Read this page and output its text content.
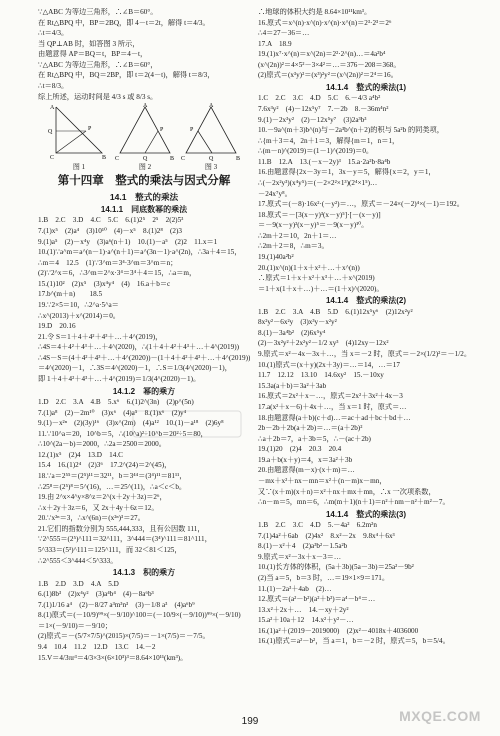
∵△ABC 为等边三角形，∴∠B＝60°。
在 Rt△BPQ 中，BP＝2BQ，即 4－t＝2t，解得 t＝4/3。
∴t＝4/3。
当 QP⊥AB 时，如答图 3 所示，
由题意得 AP＝BQ＝t，BP＝4－t，
∵△ABC 为等边三角形，∴∠B＝60°，
在 Rt△BPQ 中，BQ＝2BP，即 t＝2(4－t)，解得 t＝8/3，
∴t＝8/3。
综上所述，运动时间是 4/3 s 或 8/3 s。
A
P
B
C
Q
图 1
A
P
B
C	Q
图 2
A
P
B
C	Q
图 3
第十四章　整式的乘法与因式分解
14.1　整式的乘法
14.1.1　同底数幂的乘法
1.B　2.C　3.D　4.C　5.C　6.(1)2⁵　2⁵　2(2)5³
7.(1)x⁵　(2)a⁴　(3)10¹⁰　(4)－x⁵　8.(1)2⁸　(2)3
9.(1)a⁵　(2)－x⁴y　(3)a⁶(n＋1)　10.(1)－a⁵　(2)2　11.x＝1
10.(1)∵a^m＝a^(n－1)·a^(n＋1)＝a^(3n－1)·a^(2n)，∴3a＋4＝15，
∴m＝4　12.5　(1)∵3^m＝3⁴·3^m＝3^m＝n；
(2)∵2^x＝6，∴3^m＝2^x·3⁴＝3⁴＋4＝15，∴a＝m，
15.(1)10²　(2)x⁵　(3)x⁴y⁴　(4)　16.a＋b＝c
17.b^(m＋n)　　18.5
19.∵2×5＝10，∴2^a·5^a＝
∴x^(2013)＋x^(2014)＝0。
19.D　20.16
21.令 S＝1＋4＋4²＋4³＋…＋4^(2019)，
∴4S＝4＋4²＋4³＋…＋4^(2020)，∴(1＋4＋4²＋4³＋…＋4^(2019))
∴4S－S＝(4＋4²＋4³＋…＋4^(2020))－(1＋4＋4²＋4³＋…＋4^(2019))
＝4^(2020)－1，∴3S＝4^(2020)－1，∴S＝1/3(4^(2020)－1)，
即 1＋4＋4²＋4³＋…＋4^(2019)＝1/3(4^(2020)－1)。
14.1.2　幂的乘方
1.D　2.C　3.A　4.B　5.x⁶　6.(1)2^(3n)　(2)p^(5n)
7.(1)a⁸　(2)－2m¹⁰　(3)x⁶　(4)a⁵　8.(1)x⁶　(2)y⁴
9.(1)－x²ⁿ　(2)(3y)¹⁶　(3)x^(2m)　(4)a¹²　10.(1)－a¹⁸　(2)6y⁸
11.∵10^a＝20，10^b＝5，∴(10^a)²÷10^b＝20²÷5＝80，
∴10^(2a－b)＝2000，∴2a＝2500＝2000。
12.(1)x⁵　(2)4　13.D　14.C
15.4　16.(1)2⁴　(2)3⁶　17.2^(24)＝2^(45)，
18.∵a＝2⁵⁵＝(2⁵)¹¹＝32¹¹，b＝3⁴⁴＝(3⁴)¹¹＝81¹¹，
∴25⁸＝(2⁵)⁸＝5^(16)，…＝25^(11)，∴a＜c＜b。
19.由 2^x×4^y×8^z＝2^(x＋2y＋3z)＝2⁶，
∴x＋2y＋3z＝6，又 2x＋4y＋6z＝12。
20.∵x²ⁿ＝3，∴x^(6n)＝(x²ⁿ)³＝27。
21.它们的指数分别为 555,444,333，且有公因数 111，
∵2^555＝(2⁵)^111＝32^111，3^444＝(3⁴)^111＝81^111，
5^333＝(5³)^111＝125^111，而 32＜81＜125，
∴2^555＜3^444＜5^333。
14.1.3　积的乘方
1.B　2.D　3.D　4.A　5.D
6.(1)8b³　(2)x⁴y²　(3)a⁴b⁴　(4)－8a⁶b³
7.(1)1/16 a⁴　(2)－8/27 a³m³n³　(3)－1/8 a³　(4)a⁶b⁹
8.(1)原式＝(－10/9)⁹⁹×(－9/10)^100＝(－10/9×(－9/10))⁹⁹×(－9/10)
＝1×(－9/10)＝－9/10；
(2)原式＝－(5/7×7/5)^(2015)×(7/5)＝－1×(7/5)＝－7/5。
9.4　10.4　11.2　12.D　13.C　14.－2
15.V＝4/3πr³＝4/3×3×(6×10³)³＝8.64×10¹¹(km³)。
∴地球的体积大约是 8.64×10¹¹km³。
16.原式＝x^(n)·x^(n)·x^(n)·x^(n)＝2³·2³＝2⁶
∴4＝27－36＝…
17.A　18.9
19.(1)x⁷·x^(n)＝x^(2n)＝2²·2^(n)…＝4a²b⁴
(x^(2n))²＝4×5²－3×4²＝…＝376－208＝368。
(2)原式＝(x³y)²＝(x³)²y²＝(x^(2n))²＝2⁴＝16。
14.1.4　整式的乘法(1)
1.C　2.C　3.C　4.D　5.C　6.－4/3 a⁴b²
7.6x³y²　(4)－12x⁵y⁷　7.－2b　8.－36m⁴n²
9.(1)－2x³y²　(2)－12x⁵y⁷　(3)2a³b³
10.－9a^(m＋3)b^(n)与－2a³b^(n＋2)的积与 5a²b 的同类项，
∴{m＋3＝4，2n＋1＝3，解得{m＝1，n＝1，
∴(m－n)^(2019)＝(1－1)^(2019)＝0。
11.B　12.A　13.(－x－2y)³　15.a·2a²b·8a⁴b
16.由题意得{2x－3y＝1，3x－y＝5，解得{x＝2，y＝1，
∴(－2x²y³)(x⁴y⁵)＝(－2×2²×1³)(2⁴×1⁵)…
－24x⁷y⁸。
17.原式＝(－8)·16x²·(－y²)＝…，原式＝－24×(－2)⁴×(－1)＝192。
18.原式＝－[3(x－y)³(x－y)⁵]·[－(x－y)]
＝－9(x－y)²(x－y)⁵＝－9(x－y)¹⁰。
∴2m＋2＝10，2n＋1＝…
∴2m＋2＝8，∴m＝3。
19.(1)40a²b²
20.(1)x^(n)(1＋x＋x²＋…＋x^(n))
∴原式＝1＋x＋x²＋x³＋…＋x^(2019)
＝1＋x(1＋x＋…)＋…＝(1＋x)^(2020)。
14.1.4　整式的乘法(2)
1.B　2.C　3.A　4.B　5.D　6.(1)12x⁵y⁶　(2)12x²y²
8x²y²－6x²y　(3)x³y－x²y²
8.(1)－3a⁴b²　(2)6x⁵y⁴
(2)－3x²y²＋2x²y²－1/2 xy³　(4)12xy－12x²
9.原式＝x²－4x－3x＋…，当 x＝－2 时，原式＝－2×(1/2)²＝－1/2。
10.(1)原式＝(x＋y)(2x＋3y)＝…＝14，…＝17
11.7　12.12　13.10　14.6xy²　15.－10xy
15.3a(a＋b)＝3a²＋3ab
16.原式＝2x²＋x－…，原式＝2x²＋3x²＋4x－3
17.a(x²＋x－6)＋4x＋…，当 x＝1 时，原式＝…
18.由题意得(a＋b)(c＋d)…＝ac＋ad＋bc＋bd＋…
2b－2b＋2b(a＋2b)＝…＝(a＋2b)²
∴a＋2b＝7，a＋3b＝5，∴－(ac＋2b)
19.(1)20　(2)4　20.3　20.4
19.a＋b(x＋y)＝4，x＝3a²＋3b
20.由题意得(m－x)·(x＋m)＝…
－mx＋x²＋nx－mn＝x²＋(n－m)x－mn，
又∵(x＋m)(x＋n)＝x²＋nx＋mx＋mn，∴x 一次项系数，
∴n－m＝5，mn＝6，∴m(m＋1)(n＋1)＝n²＋nm－n²＋m²－7。
14.1.4　整式的乘法(3)
1.B　2.C　3.C　4.D　5.－4a²　6.2m²n
7.(1)4a²＋6ab　(2)4x²　8.x²－2x　9.8x⁴＋6x³
8.(1)－x²＋4　(2)a³b²－1.5a²b
9.原式＝x²－3x＋x－3＝…
10.(1)长方体的体积，(5a＋3b)(5a－3b)＝25a²－9b²
(2)当 a＝5，b＝3 时，…＝19×1×9＝171。
11.(1)－2a³＋4ab　(2)…
12.原式＝(a²－b²)(a²＋b²)＝a⁴－b⁴＝…
13.x²＋2x＋…　14.－xy＋2y²
15.a²＋10a＋12　14.x²＋y²－…
16.(1)a²＋(2019－2019000)　(2)x²－4018x＋4036000
16.(1)原式＝a²－b²，当 a＝1，b＝－2 时，原式＝5，b＝5/4。
199	MXQE.COM
